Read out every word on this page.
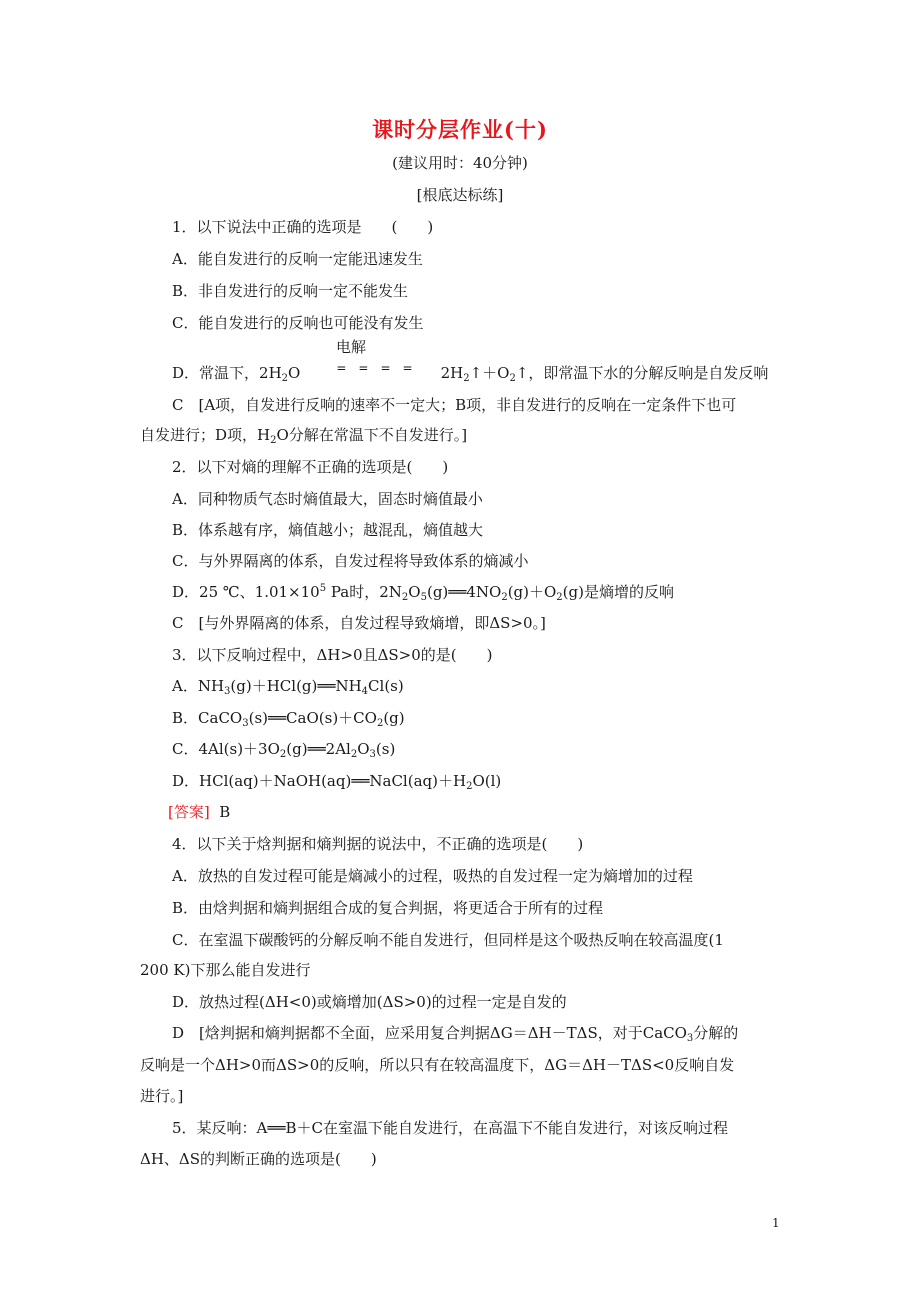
课时分层作业(十)
(建议用时：40分钟)
[根底达标练]
1．以下说法中正确的选项是　　(　　)
A．能自发进行的反响一定能迅速发生
B．非自发进行的反响一定不能发生
C．能自发进行的反响也可能没有发生
电解
D．常温下，$2H_2O$	=　=　=　= $2H_2↑+O_2↑$，即常温下水的分解反响是自发反响
C　[A项，自发进行反响的速率不一定大；B项，非自发进行的反响在一定条件下也可
自发进行；D项，$H_2O$分解在常温下不自发进行。]
2．以下对熵的理解不正确的选项是(　　)
A．同种物质气态时熵值最大，固态时熵值最小
B．体系越有序，熵值越小；越混乱，熵值越大
C．与外界隔离的体系，自发过程将导致体系的熵减小
D．25 ℃、$1.01\times 10^5$ Pa时，$2N_2O_5(g)══4NO_2(g)+O_2(g)$是熵增的反响
C　[与外界隔离的体系，自发过程导致熵增，即ΔS>0。]
3．以下反响过程中，ΔH>0且ΔS>0的是(　　)
A．$NH_3(g)+HCl(g)══NH_4Cl(s)$
B．$CaCO_3(s)══CaO(s)+CO_2(g)$
C．$4Al(s)+3O_2(g)══2Al_2O_3(s)$
D．$HCl(aq)+NaOH(aq)══NaCl(aq)+H_2O(l)$
[答案] B
4．以下关于焓判据和熵判据的说法中，不正确的选项是(　　)
A．放热的自发过程可能是熵减小的过程，吸热的自发过程一定为熵增加的过程
B．由焓判据和熵判据组合成的复合判据，将更适合于所有的过程
C．在室温下碳酸钙的分解反响不能自发进行，但同样是这个吸热反响在较高温度(1
200 K)下那么能自发进行
D．放热过程(ΔH<0)或熵增加(ΔS>0)的过程一定是自发的
D　[焓判据和熵判据都不全面，应采用复合判据ΔG＝ΔH－TΔS，对于CaCO$_3$分解的
反响是一个ΔH>0而ΔS>0的反响，所以只有在较高温度下，ΔG＝ΔH－TΔS<0反响自发
进行。]
5．某反响：A══B＋C在室温下能自发进行，在高温下不能自发进行，对该反响过程
ΔH、ΔS的判断正确的选项是(　　)
1
